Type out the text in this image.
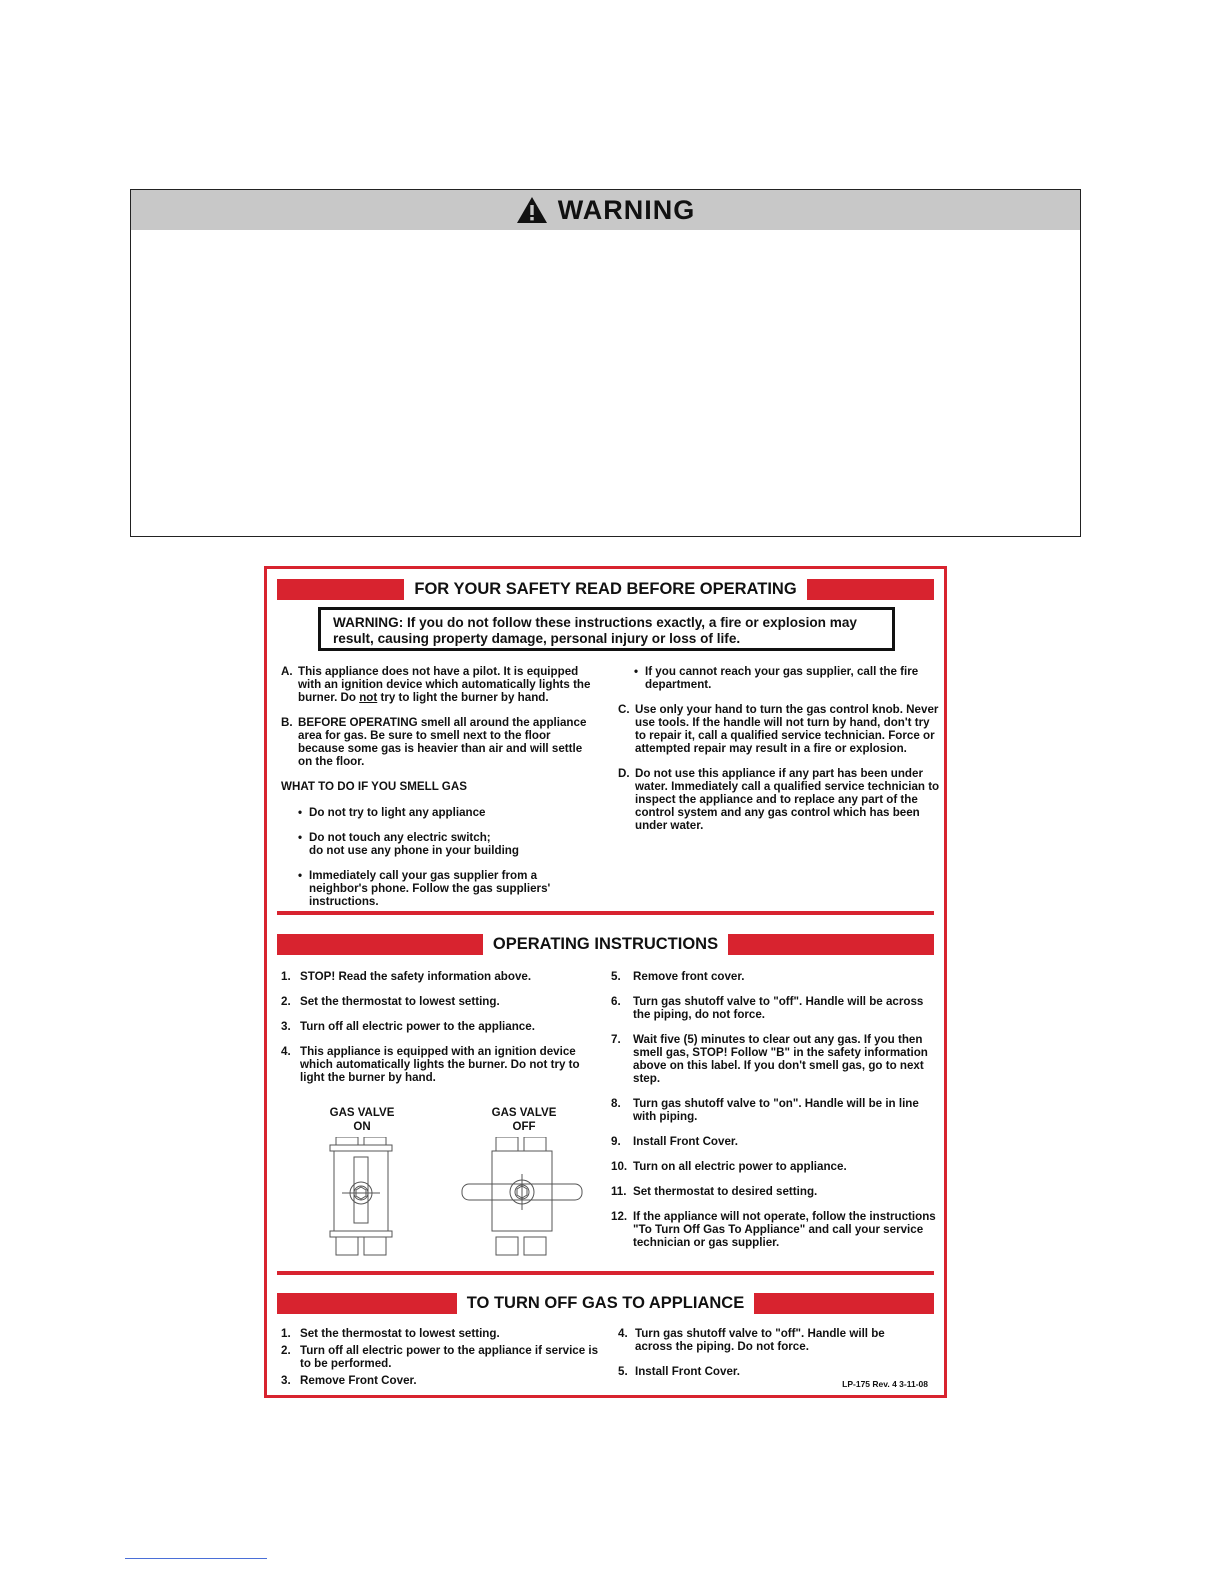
WARNING
FOR YOUR SAFETY READ BEFORE OPERATING
WARNING: If you do not follow these instructions exactly, a fire or explosion may result, causing property damage, personal injury or loss of life.
A. This appliance does not have a pilot. It is equipped with an ignition device which automatically lights the burner. Do not try to light the burner by hand.
B. BEFORE OPERATING smell all around the appliance area for gas. Be sure to smell next to the floor because some gas is heavier than air and will settle on the floor.
WHAT TO DO IF YOU SMELL GAS
• Do not try to light any appliance
• Do not touch any electric switch;
do not use any phone in your building
• Immediately call your gas supplier from a neighbor's phone. Follow the gas suppliers' instructions.
• If you cannot reach your gas supplier, call the fire department.
C. Use only your hand to turn the gas control knob. Never use tools. If the handle will not turn by hand, don't try to repair it, call a qualified service technician. Force or attempted repair may result in a fire or explosion.
D. Do not use this appliance if any part has been under water. Immediately call a qualified service technician to inspect the appliance and to replace any part of the control system and any gas control which has been under water.
OPERATING INSTRUCTIONS
1. STOP! Read the safety information above.
2. Set the thermostat to lowest setting.
3. Turn off all electric power to the appliance.
4. This appliance is equipped with an ignition device which automatically lights the burner. Do not try to light the burner by hand.
GAS VALVE
ON
GAS VALVE
OFF
5.	Remove front cover.
6.	Turn gas shutoff valve to "off". Handle will be across the piping, do not force.
7.	Wait five (5) minutes to clear out any gas. If you then smell gas, STOP! Follow "B" in the safety information above on this label. If you don't smell gas, go to next step.
8.	Turn gas shutoff valve to "on". Handle will be in line with piping.
9.	Install Front Cover.
10. Turn on all electric power to appliance.
11. Set thermostat to desired setting.
12. If the appliance will not operate, follow the instructions "To Turn Off Gas To Appliance" and call your service technician or gas supplier.
TO TURN OFF GAS TO APPLIANCE
1. Set the thermostat to lowest setting.
2. Turn off all electric power to the appliance if service is to be performed.
3. Remove Front Cover.
4. Turn gas shutoff valve to "off". Handle will be across the piping. Do not force.
5. Install Front Cover.
LP-175 Rev. 4 3-11-08
